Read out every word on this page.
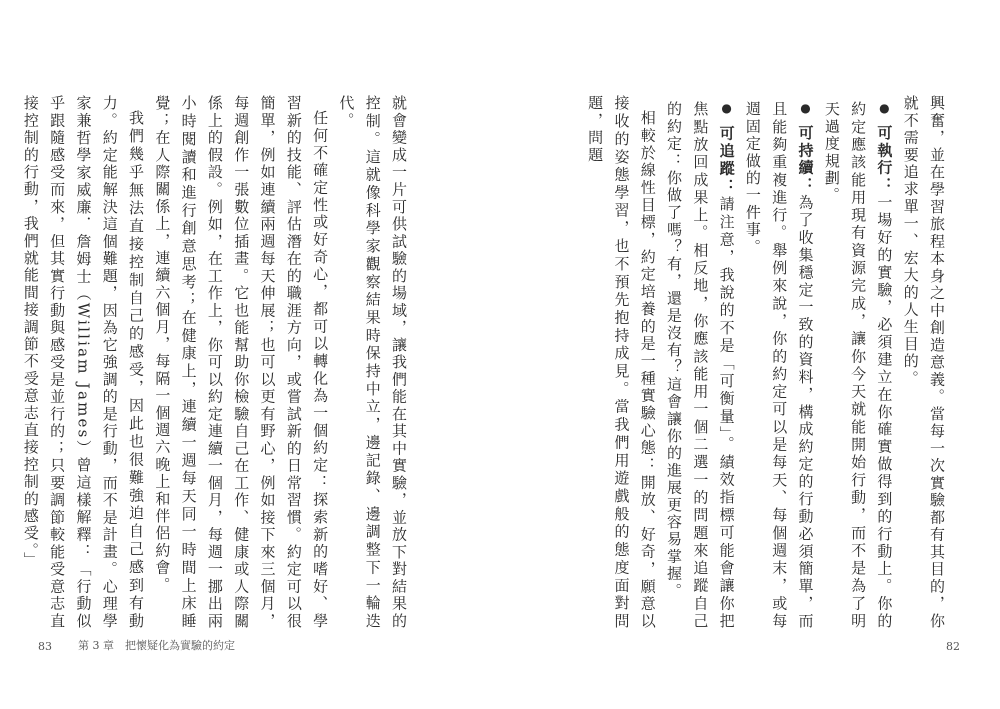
就會變成一片可供試驗的場域，讓我們能在其中實驗，並放下對結果的控制。這就像科學家觀察結果時保持中立，邊記錄、邊調整下一輪迭代。

任何不確定性或好奇心，都可以轉化為一個約定：探索新的嗜好、學習新的技能、評估潛在的職涯方向，或嘗試新的日常習慣。約定可以很簡單，例如連續兩週每天伸展；也可以更有野心，例如接下來三個月，每週創作一張數位插畫。它也能幫助你檢驗自己在工作、健康或人際關係上的假設。例如，在工作上，你可以約定連續一個月，每週一挪出兩小時閱讀和進行創意思考；在健康上，連續一週每天同一時間上床睡覺；在人際關係上，連續六個月，每隔一個週六晚上和伴侶約會。

我們幾乎無法直接控制自己的感受，因此也很難強迫自己感到有動力。約定能解決這個難題，因為它強調的是行動，而不是計畫。心理學家兼哲學家威廉．詹姆士（William James）曾這樣解釋：「行動似乎跟隨感受而來，但其實行動與感受是並行的；只要調節較能受意志直接控制的行動，我們就能間接調節不受意志直接控制的感受。」

83 第 3 章　把懷疑化為實驗的約定

興奮，並在學習旅程本身之中創造意義。當每一次實驗都有其目的，你就不需要追求單一、宏大的人生目的。

● 可執行：一場好的實驗，必須建立在你確實做得到的行動上。你的約定應該能用現有資源完成，讓你今天就能開始行動，而不是為了明天過度規劃。
● 可持續：為了收集穩定一致的資料，構成約定的行動必須簡單，而且能夠重複進行。舉例來說，你的約定可以是每天、每個週末，或每週固定做的一件事。
● 可追蹤：請注意，我說的不是「可衡量」。績效指標可能會讓你把焦點放回成果上。相反地，你應該能用一個二選一的問題來追蹤自己的約定：你做了嗎？有，還是沒有？這會讓你的進展更容易掌握。

相較於線性目標，約定培養的是一種實驗心態：開放、好奇，願意以接收的姿態學習，也不預先抱持成見。當我們用遊戲般的態度面對問題，問題

82
